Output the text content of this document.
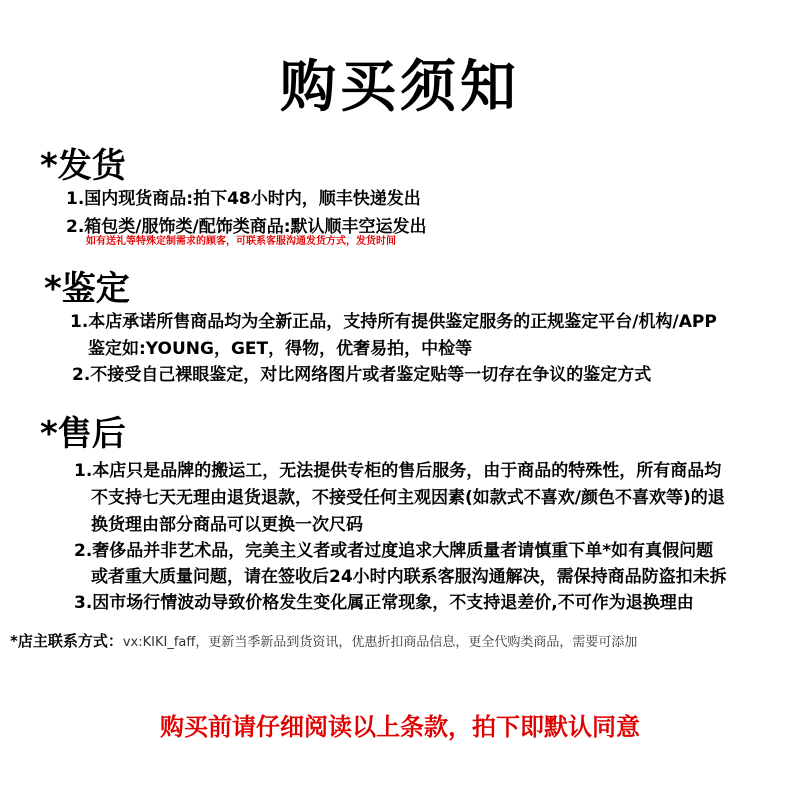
购买须知
*发货
1.国内现货商品:拍下48小时内，顺丰快递发出
2.箱包类/服饰类/配饰类商品:默认顺丰空运发出
如有送礼等特殊定制需求的顾客，可联系客服沟通发货方式，发货时间
*鉴定
1.本店承诺所售商品均为全新正品，支持所有提供鉴定服务的正规鉴定平台/机构/APP
鉴定如:YOUNG，GET，得物，优奢易拍，中检等
2.不接受自己裸眼鉴定，对比网络图片或者鉴定贴等一切存在争议的鉴定方式
*售后
1.本店只是品牌的搬运工，无法提供专柜的售后服务，由于商品的特殊性，所有商品均
不支持七天无理由退货退款，不接受任何主观因素(如款式不喜欢/颜色不喜欢等)的退
换货理由部分商品可以更换一次尺码
2.奢侈品并非艺术品，完美主义者或者过度追求大牌质量者请慎重下单*如有真假问题
或者重大质量问题，请在签收后24小时内联系客服沟通解决，需保持商品防盗扣未拆
3.因市场行情波动导致价格发生变化属正常现象，不支持退差价,不可作为退换理由
*店主联系方式：vx:KIKI_faff，更新当季新品到货资讯，优惠折扣商品信息，更全代购类商品，需要可添加
购买前请仔细阅读以上条款，拍下即默认同意
